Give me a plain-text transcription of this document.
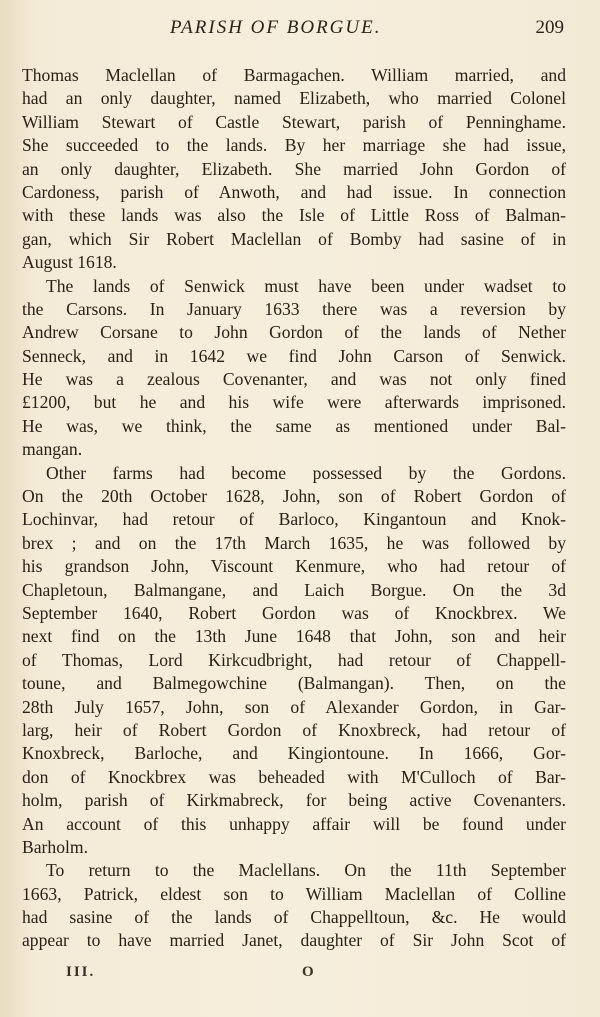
PARISH OF BORGUE.	209
Thomas Maclellan of Barmagachen. William married, and
had an only daughter, named Elizabeth, who married Colonel
William Stewart of Castle Stewart, parish of Penninghame.
She succeeded to the lands. By her marriage she had issue,
an only daughter, Elizabeth. She married John Gordon of
Cardoness, parish of Anwoth, and had issue. In connection
with these lands was also the Isle of Little Ross of Balman-
gan, which Sir Robert Maclellan of Bomby had sasine of in
August 1618.
The lands of Senwick must have been under wadset to
the Carsons. In January 1633 there was a reversion by
Andrew Corsane to John Gordon of the lands of Nether
Senneck, and in 1642 we find John Carson of Senwick.
He was a zealous Covenanter, and was not only fined
£1200, but he and his wife were afterwards imprisoned.
He was, we think, the same as mentioned under Bal-
mangan.
Other farms had become possessed by the Gordons.
On the 20th October 1628, John, son of Robert Gordon of
Lochinvar, had retour of Barloco, Kingantoun and Knok-
brex ; and on the 17th March 1635, he was followed by
his grandson John, Viscount Kenmure, who had retour of
Chapletoun, Balmangane, and Laich Borgue. On the 3d
September 1640, Robert Gordon was of Knockbrex. We
next find on the 13th June 1648 that John, son and heir
of Thomas, Lord Kirkcudbright, had retour of Chappell-
toune, and Balmegowchine (Balmangan). Then, on the
28th July 1657, John, son of Alexander Gordon, in Gar-
larg, heir of Robert Gordon of Knoxbreck, had retour of
Knoxbreck, Barloche, and Kingiontoune. In 1666, Gor-
don of Knockbrex was beheaded with M'Culloch of Bar-
holm, parish of Kirkmabreck, for being active Covenanters.
An account of this unhappy affair will be found under
Barholm.
To return to the Maclellans. On the 11th September
1663, Patrick, eldest son to William Maclellan of Colline
had sasine of the lands of Chappelltoun, &c. He would
appear to have married Janet, daughter of Sir John Scot of
III.	O
